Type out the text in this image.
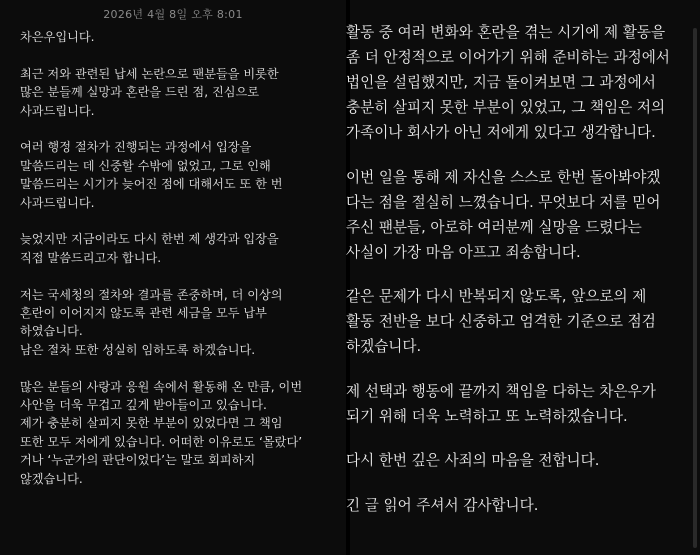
2026년 4월 8일 오후 8:01
차은우입니다.
최근 저와 관련된 납세 논란으로 팬분들을 비롯한
많은 분들께 실망과 혼란을 드린 점, 진심으로
사과드립니다.
여러 행정 절차가 진행되는 과정에서 입장을
말씀드리는 데 신중할 수밖에 없었고, 그로 인해
말씀드리는 시기가 늦어진 점에 대해서도 또 한 번
사과드립니다.
늦었지만 지금이라도 다시 한번 제 생각과 입장을
직접 말씀드리고자 합니다.
저는 국세청의 절차와 결과를 존중하며, 더 이상의
혼란이 이어지지 않도록 관련 세금을 모두 납부
하였습니다.
남은 절차 또한 성실히 임하도록 하겠습니다.
많은 분들의 사랑과 응원 속에서 활동해 온 만큼, 이번
사안을 더욱 무겁고 깊게 받아들이고 있습니다.
제가 충분히 살피지 못한 부분이 있었다면 그 책임
또한 모두 저에게 있습니다. 어떠한 이유로도 ‘몰랐다’
거나 ‘누군가의 판단이었다’는 말로 회피하지
않겠습니다.
활동 중 여러 변화와 혼란을 겪는 시기에 제 활동을
좀 더 안정적으로 이어가기 위해 준비하는 과정에서
법인을 설립했지만, 지금 돌이켜보면 그 과정에서
충분히 살피지 못한 부분이 있었고, 그 책임은 저의
가족이나 회사가 아닌 저에게 있다고 생각합니다.
이번 일을 통해 제 자신을 스스로 한번 돌아봐야겠
다는 점을 절실히 느꼈습니다. 무엇보다 저를 믿어
주신 팬분들, 아로하 여러분께 실망을 드렸다는
사실이 가장 마음 아프고 죄송합니다.
같은 문제가 다시 반복되지 않도록, 앞으로의 제
활동 전반을 보다 신중하고 엄격한 기준으로 점검
하겠습니다.
제 선택과 행동에 끝까지 책임을 다하는 차은우가
되기 위해 더욱 노력하고 또 노력하겠습니다.
다시 한번 깊은 사죄의 마음을 전합니다.
긴 글 읽어 주셔서 감사합니다.
